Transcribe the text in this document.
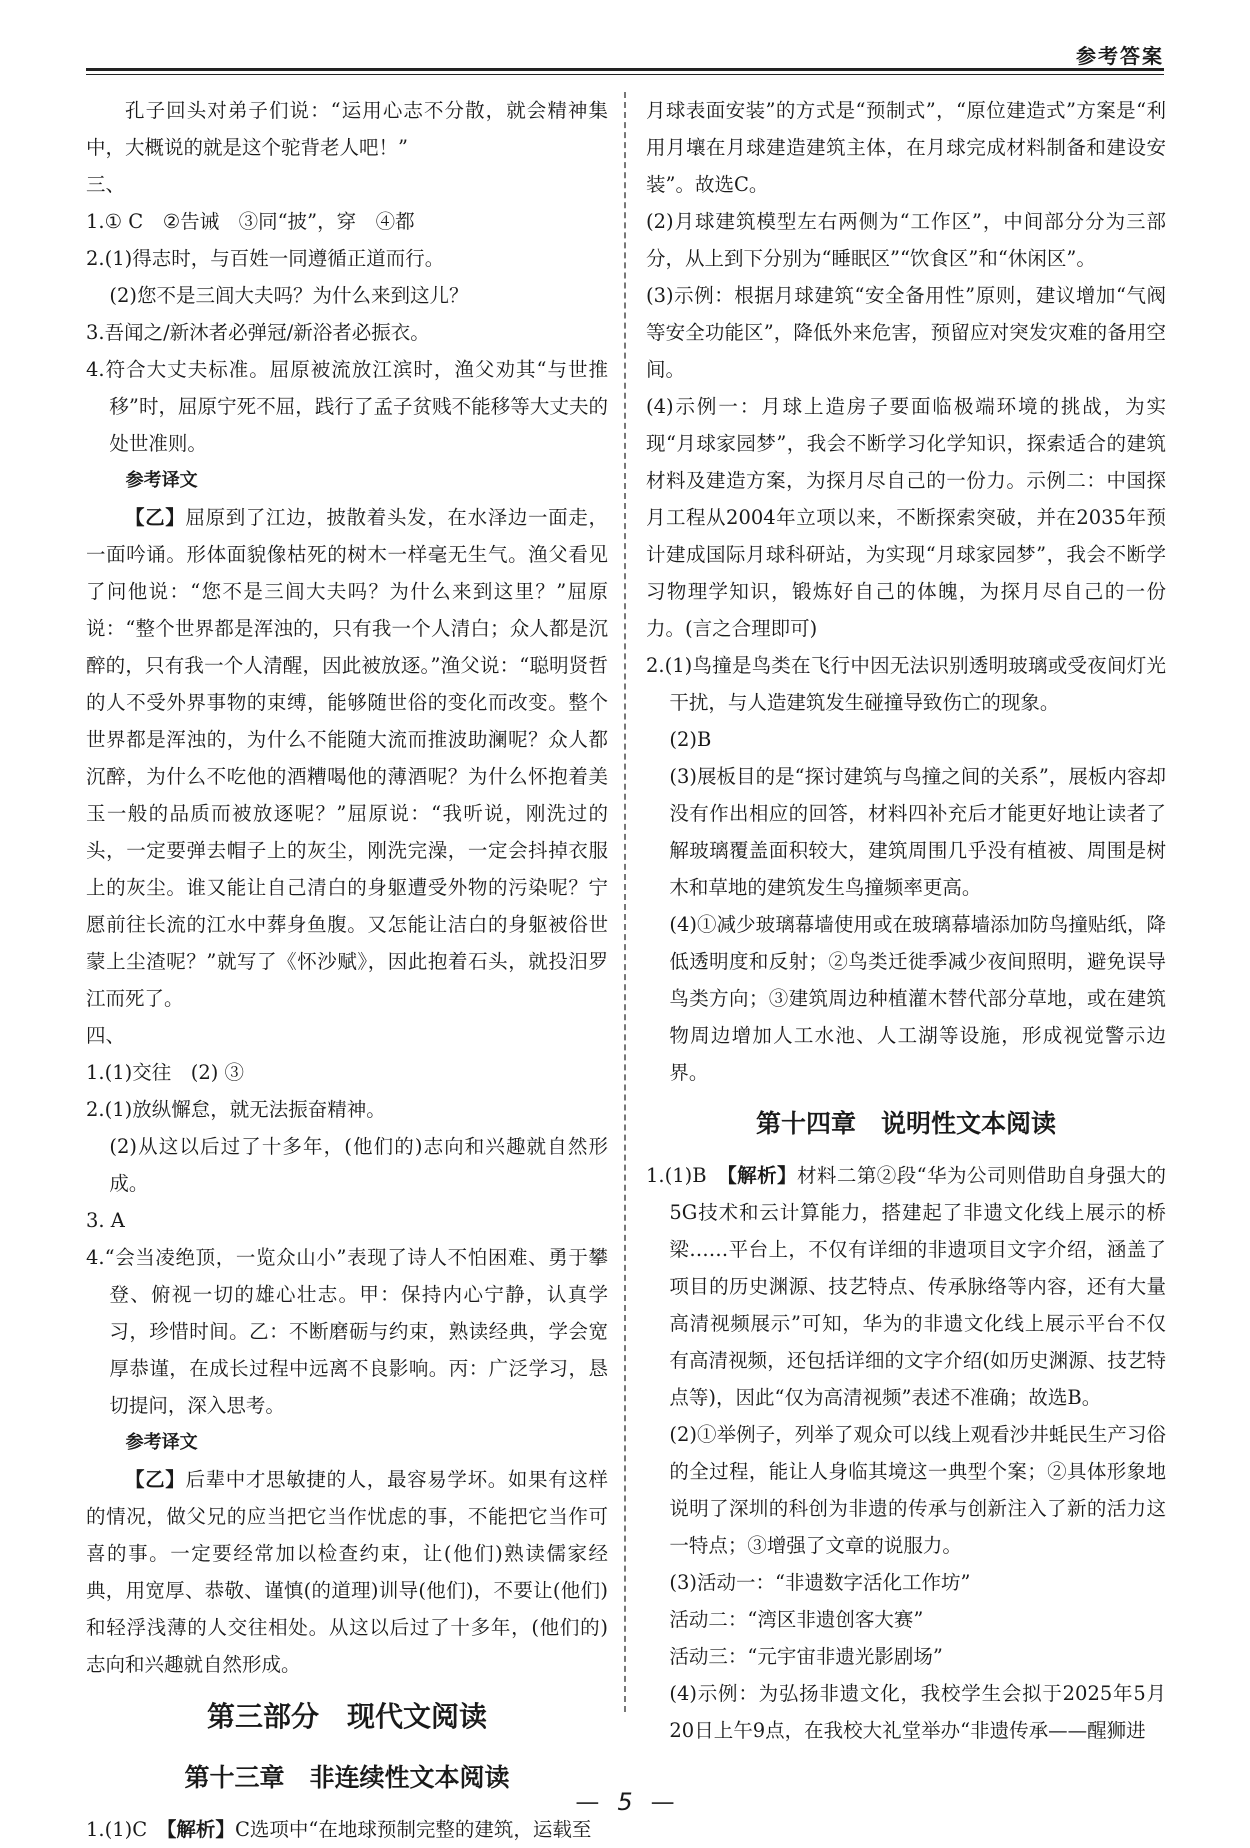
参考答案

孔子回头对弟子们说：“运用心志不分散，就会精神集中，大概说的就是这个驼背老人吧！”

三、

1.① C　②告诫　③同“披”，穿　④都

2.(1)得志时，与百姓一同遵循正道而行。

(2)您不是三闾大夫吗？为什么来到这儿？

3.吾闻之/新沐者必弹冠/新浴者必振衣。

4.符合大丈夫标准。屈原被流放江滨时，渔父劝其“与世推移”时，屈原宁死不屈，践行了孟子贫贱不能移等大丈夫的处世准则。

参考译文

【乙】屈原到了江边，披散着头发，在水泽边一面走，一面吟诵。形体面貌像枯死的树木一样毫无生气。渔父看见了问他说：“您不是三闾大夫吗？为什么来到这里？”屈原说：“整个世界都是浑浊的，只有我一个人清白；众人都是沉醉的，只有我一个人清醒，因此被放逐。”渔父说：“聪明贤哲的人不受外界事物的束缚，能够随世俗的变化而改变。整个世界都是浑浊的，为什么不能随大流而推波助澜呢？众人都沉醉，为什么不吃他的酒糟喝他的薄酒呢？为什么怀抱着美玉一般的品质而被放逐呢？”屈原说：“我听说，刚洗过的头，一定要弹去帽子上的灰尘，刚洗完澡，一定会抖掉衣服上的灰尘。谁又能让自己清白的身躯遭受外物的污染呢？宁愿前往长流的江水中葬身鱼腹。又怎能让洁白的身躯被俗世蒙上尘渣呢？”就写了《怀沙赋》，因此抱着石头，就投汨罗江而死了。

四、

1.(1)交往　(2) ③

2.(1)放纵懈怠，就无法振奋精神。

(2)从这以后过了十多年，(他们的)志向和兴趣就自然形成。

3. A

4.“会当凌绝顶，一览众山小”表现了诗人不怕困难、勇于攀登、俯视一切的雄心壮志。甲：保持内心宁静，认真学习，珍惜时间。乙：不断磨砺与约束，熟读经典，学会宽厚恭谨，在成长过程中远离不良影响。丙：广泛学习，恳切提问，深入思考。

参考译文

【乙】后辈中才思敏捷的人，最容易学坏。如果有这样的情况，做父兄的应当把它当作忧虑的事，不能把它当作可喜的事。一定要经常加以检查约束，让(他们)熟读儒家经典，用宽厚、恭敬、谨慎(的道理)训导(他们)，不要让(他们)和轻浮浅薄的人交往相处。从这以后过了十多年，(他们的)志向和兴趣就自然形成。

第三部分　现代文阅读

第十三章　非连续性文本阅读

1.(1)C　 【解析】C选项中“在地球预制完整的建筑，运载至

月球表面安装”的方式是“预制式”，“原位建造式”方案是“利用月壤在月球建造建筑主体，在月球完成材料制备和建设安装”。故选C。

(2)月球建筑模型左右两侧为“工作区”，中间部分分为三部分，从上到下分别为“睡眠区”“饮食区”和“休闲区”。

(3)示例：根据月球建筑“安全备用性”原则，建议增加“气阀等安全功能区”，降低外来危害，预留应对突发灾难的备用空间。

(4)示例一：月球上造房子要面临极端环境的挑战，为实现“月球家园梦”，我会不断学习化学知识，探索适合的建筑材料及建造方案，为探月尽自己的一份力。示例二：中国探月工程从2004年立项以来，不断探索突破，并在2035年预计建成国际月球科研站，为实现“月球家园梦”，我会不断学习物理学知识，锻炼好自己的体魄，为探月尽自己的一份力。(言之合理即可)

2.(1)鸟撞是鸟类在飞行中因无法识别透明玻璃或受夜间灯光干扰，与人造建筑发生碰撞导致伤亡的现象。

(2)B

(3)展板目的是“探讨建筑与鸟撞之间的关系”，展板内容却没有作出相应的回答，材料四补充后才能更好地让读者了解玻璃覆盖面积较大，建筑周围几乎没有植被、周围是树木和草地的建筑发生鸟撞频率更高。

(4)①减少玻璃幕墙使用或在玻璃幕墙添加防鸟撞贴纸，降低透明度和反射；②鸟类迁徙季减少夜间照明，避免误导鸟类方向；③建筑周边种植灌木替代部分草地，或在建筑物周边增加人工水池、人工湖等设施，形成视觉警示边界。

第十四章　说明性文本阅读

1.(1)B　 【解析】材料二第②段“华为公司则借助自身强大的5G技术和云计算能力，搭建起了非遗文化线上展示的桥梁……平台上，不仅有详细的非遗项目文字介绍，涵盖了项目的历史渊源、技艺特点、传承脉络等内容，还有大量高清视频展示”可知，华为的非遗文化线上展示平台不仅有高清视频，还包括详细的文字介绍(如历史渊源、技艺特点等)，因此“仅为高清视频”表述不准确；故选B。

(2)①举例子，列举了观众可以线上观看沙井蚝民生产习俗的全过程，能让人身临其境这一典型个案；②具体形象地说明了深圳的科创为非遗的传承与创新注入了新的活力这一特点；③增强了文章的说服力。

(3)活动一：“非遗数字活化工作坊”

活动二：“湾区非遗创客大赛”

活动三：“元宇宙非遗光影剧场”

(4)示例：为弘扬非遗文化，我校学生会拟于2025年5月20日上午9点，在我校大礼堂举办“非遗传承——醒狮进

— 5 —
